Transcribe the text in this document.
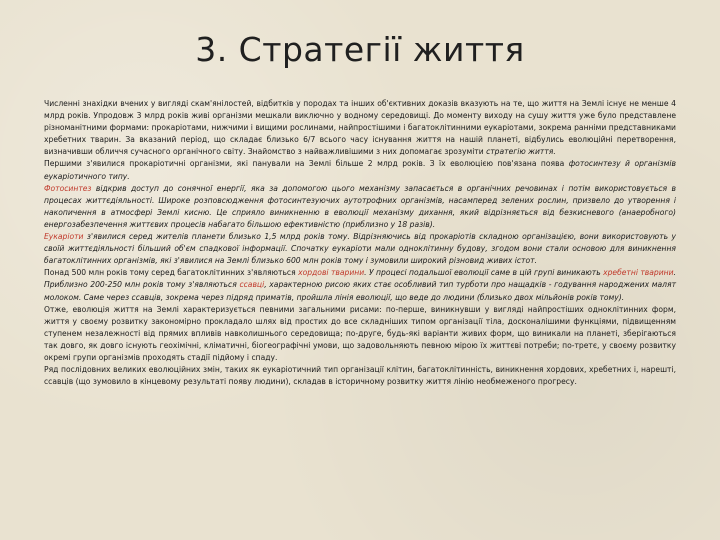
3. Стратегії життя

Численні знахідки вчених у вигляді скам'янілостей, відбитків у породах та інших об'єктивних доказів вказують на те, що життя на Землі існує не менше 4 млрд років. Упродовж 3 млрд років живі організми мешкали виключно у водному середовищі. До моменту виходу на сушу життя уже було представлене різноманітними формами: прокаріотами, нижчими і вищими рослинами, найпростішими і багатоклітинними еукаріотами, зокрема ранніми представниками хребетних тварин. За вказаний період, що складає близько 6/7 всього часу існування життя на нашій планеті, відбулись еволюційні перетворення, визначивши обличчя сучасного органічного світу. Знайомство з найважливішими з них допомагає зрозуміти стратегію життя.

Першими з'явилися прокаріотичні організми, які панували на Землі більше 2 млрд років. З їх еволюцією пов'язана поява фотосинтезу й організмів еукаріотичного типу.

Фотосинтез відкрив доступ до сонячної енергії, яка за допомогою цього механізму запасається в органічних речовинах і потім використовується в процесах життєдіяльності. Широке розповсюдження фотосинтезуючих аутотрофних організмів, насамперед зелених рослин, призвело до утворення і накопичення в атмосфері Землі кисню. Це сприяло виникненню в еволюції механізму дихання, який відрізняється від безкисневого (анаеробного) енергозабезпечення життєвих процесів набагато більшою ефективністю (приблизно у 18 разів).

Еукаріоти з'явилися серед жителів планети близько 1,5 млрд років тому. Відрізняючись від прокаріотів складною організацією, вони використовують у своїй життєдіяльності більший об'єм спадкової інформації. Спочатку еукаріоти мали одноклітинну будову, згодом вони стали основою для виникнення багатоклітинних організмів, які з'явилися на Землі близько 600 млн років тому і зумовили широкий різновид живих істот.

Понад 500 млн років тому серед багатоклітинних з'являються хордові тварини. У процесі подальшої еволюції саме в цій групі виникають хребетні тварини. Приблизно 200-250 млн років тому з'являються ссавці, характерною рисою яких стає особливий тип турботи про нащадків - годування народжених малят молоком. Саме через ссавців, зокрема через підряд приматів, пройшла лінія еволюції, що веде до людини (близько двох мільйонів років тому).

Отже, еволюція життя на Землі характеризується певними загальними рисами: по-перше, виникнувши у вигляді найпростіших одноклітинних форм, життя у своєму розвитку закономірно прокладало шлях від простих до все складніших типом організації тіла, досконалішими функціями, підвищенням ступенем незалежності від прямих впливів навколишнього середовища; по-друге, будь-які варіанти живих форм, що виникали на планеті, зберігаються так довго, як довго існують геохімічні, кліматичні, біогеографічні умови, що задовольняють певною мірою їх життєві потреби; по-третє, у своєму розвитку окремі групи організмів проходять стадії підйому і спаду.

Ряд послідовних великих еволюційних змін, таких як еукаріотичний тип організації клітин, багатоклітинність, виникнення хордових, хребетних і, нарешті, ссавців (що зумовило в кінцевому результаті появу людини), складав в історичному розвитку життя лінію необмеженого прогресу.
